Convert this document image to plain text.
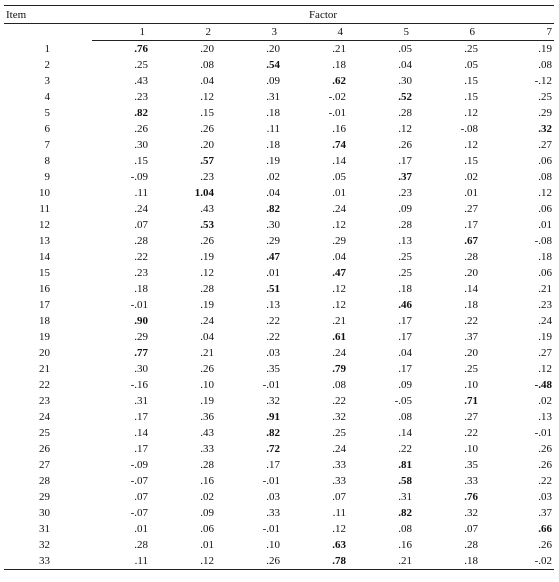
Item	Factor						
	1	2	3	4	5	6	7
1	.76	.20	.20	.21	.05	.25	.19
2	.25	.08	.54	.18	.04	.05	.08
3	.43	.04	.09	.62	.30	.15	-.12
4	.23	.12	.31	-.02	.52	.15	.25
5	.82	.15	.18	-.01	.28	.12	.29
6	.26	.26	.11	.16	.12	-.08	.32
7	.30	.20	.18	.74	.26	.12	.27
8	.15	.57	.19	.14	.17	.15	.06
9	-.09	.23	.02	.05	.37	.02	.08
10	.11	1.04	.04	.01	.23	.01	.12
11	.24	.43	.82	.24	.09	.27	.06
12	.07	.53	.30	.12	.28	.17	.01
13	.28	.26	.29	.29	.13	.67	-.08
14	.22	.19	.47	.04	.25	.28	.18
15	.23	.12	.01	.47	.25	.20	.06
16	.18	.28	.51	.12	.18	.14	.21
17	-.01	.19	.13	.12	.46	.18	.23
18	.90	.24	.22	.21	.17	.22	.24
19	.29	.04	.22	.61	.17	.37	.19
20	.77	.21	.03	.24	.04	.20	.27
21	.30	.26	.35	.79	.17	.25	.12
22	-.16	.10	-.01	.08	.09	.10	-.48
23	.31	.19	.32	.22	-.05	.71	.02
24	.17	.36	.91	.32	.08	.27	.13
25	.14	.43	.82	.25	.14	.22	-.01
26	.17	.33	.72	.24	.22	.10	.26
27	-.09	.28	.17	.33	.81	.35	.26
28	-.07	.16	-.01	.33	.58	.33	.22
29	.07	.02	.03	.07	.31	.76	.03
30	-.07	.09	.33	.11	.82	.32	.37
31	.01	.06	-.01	.12	.08	.07	.66
32	.28	.01	.10	.63	.16	.28	.26
33	.11	.12	.26	.78	.21	.18	-.02
